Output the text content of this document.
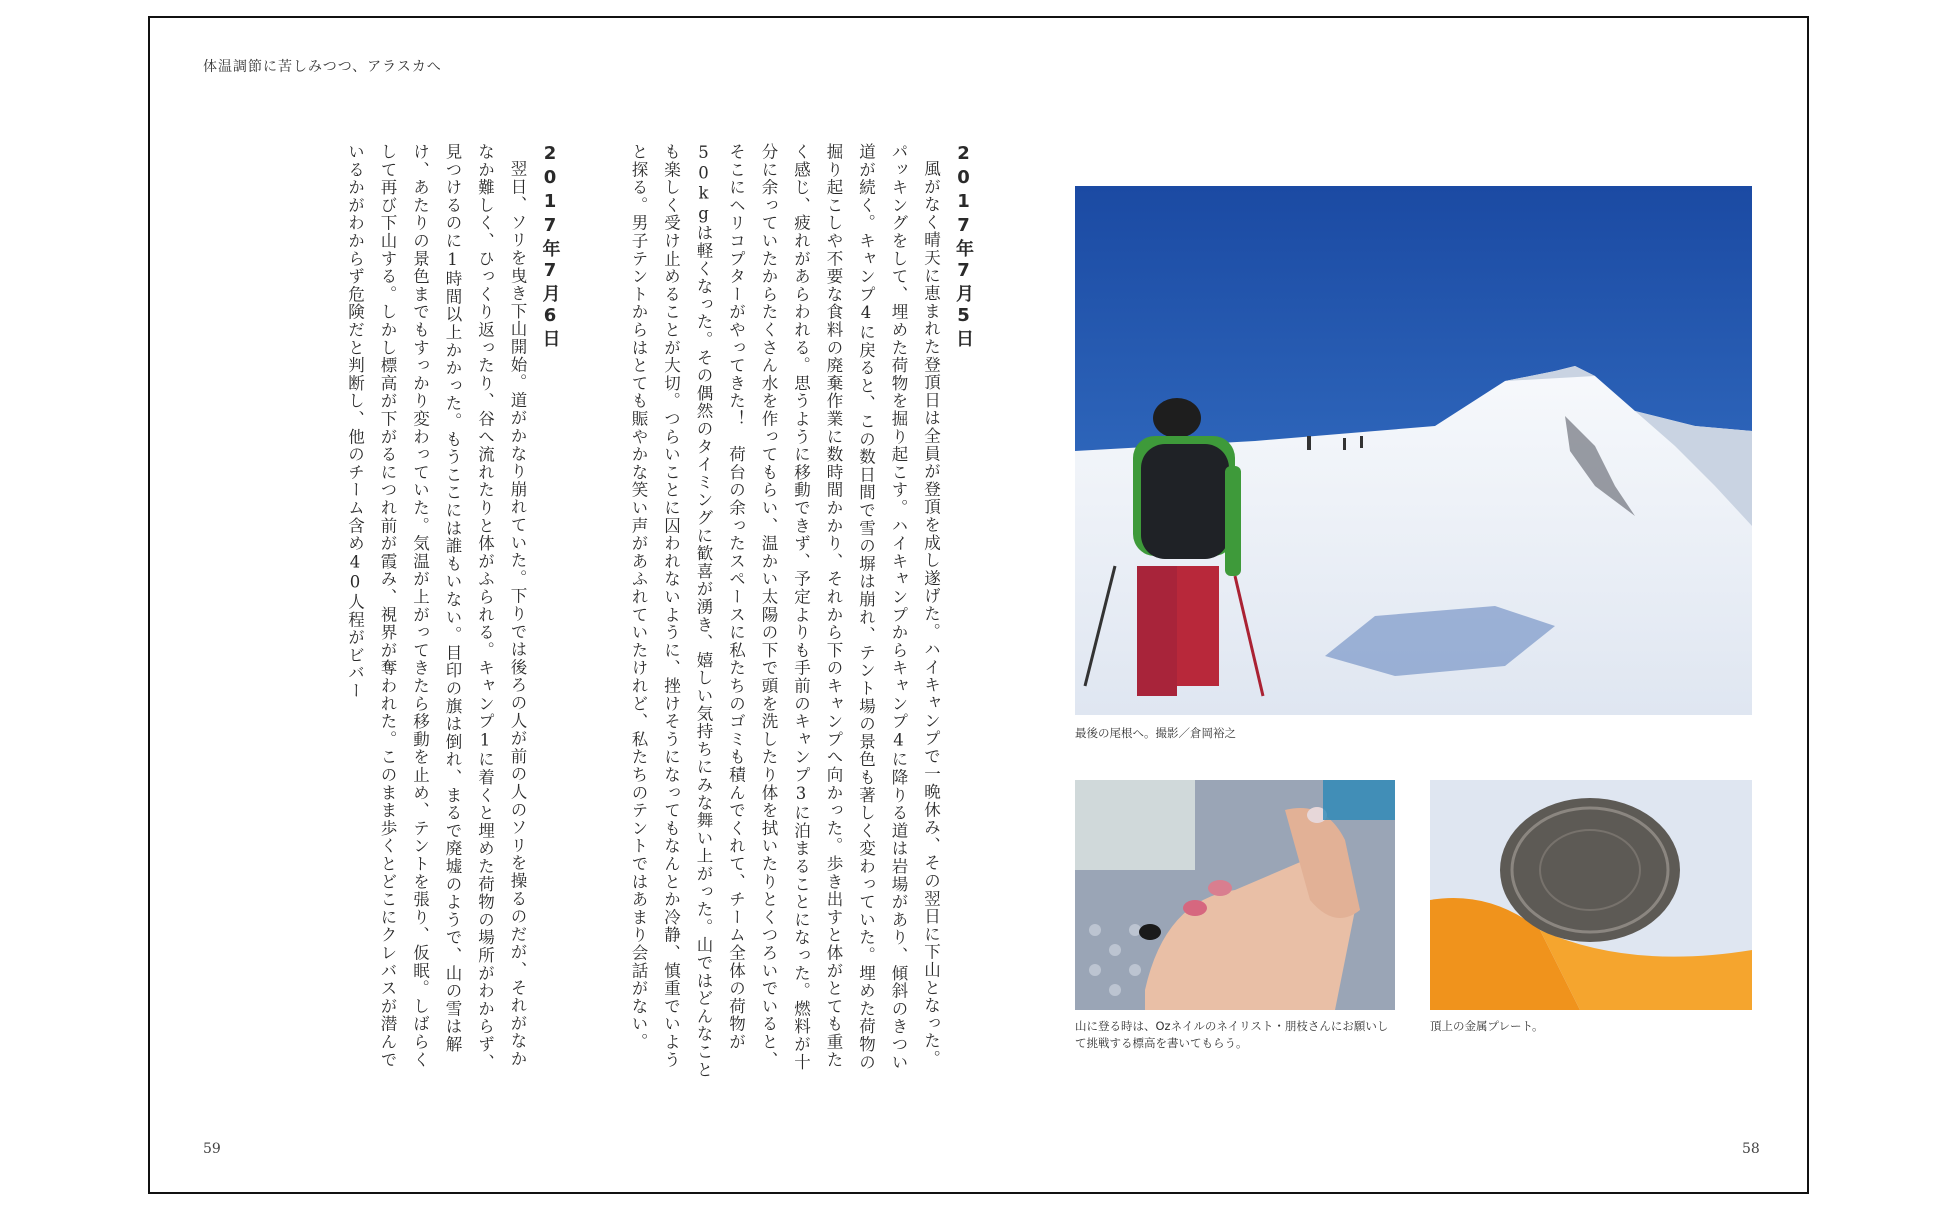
体温調節に苦しみつつ、アラスカへ

2017年7月5日
風がなく晴天に恵まれた登頂日は全員が登頂を成し遂げた。ハイキャンプで一晩休み、その翌日に下山となった。パッキングをして、埋めた荷物を掘り起こす。ハイキャンプからキャンプ4に降りる道は岩場があり、傾斜のきつい道が続く。キャンプ4に戻ると、この数日間で雪の塀は崩れ、テント場の景色も著しく変わっていた。埋めた荷物の掘り起こしや不要な食料の廃棄作業に数時間かかり、それから下のキャンプへ向かった。歩き出すと体がとても重たく感じ、疲れがあらわれる。思うように移動できず、予定よりも手前のキャンプ3に泊まることになった。燃料が十分に余っていたからたくさん水を作ってもらい、温かい太陽の下で頭を洗したり体を拭いたりとくつろいでいると、そこにヘリコプターがやってきた！　荷台の余ったスペースに私たちのゴミも積んでくれて、チーム全体の荷物が50kgは軽くなった。その偶然のタイミングに歓喜が湧き、嬉しい気持ちにみな舞い上がった。山ではどんなことも楽しく受け止めることが大切。つらいことに囚われないように、挫けそうになってもなんとか冷静、慎重でいようと探る。男子テントからはとても賑やかな笑い声があふれていたけれど、私たちのテントではあまり会話がない。

2017年7月6日
翌日、ソリを曳き下山開始。道がかなり崩れていた。下りでは後ろの人が前の人のソリを操るのだが、それがなかなか難しく、ひっくり返ったり、谷へ流れたりと体がふられる。キャンプ1に着くと埋めた荷物の場所がわからず、見つけるのに1時間以上かかった。もうここには誰もいない。目印の旗は倒れ、まるで廃墟のようで、山の雪は解け、あたりの景色までもすっかり変わっていた。気温が上がってきたら移動を止め、テントを張り、仮眠。しばらくして再び下山する。しかし標高が下がるにつれ前が霞み、視界が奪われた。このまま歩くとどこにクレバスが潜んでいるかがわからず危険だと判断し、他のチーム含め40人程がビバー

最後の尾根へ。撮影／倉岡裕之
山に登る時は、Ozネイルのネイリスト・朋枝さんにお願いして挑戦する標高を書いてもらう。
頂上の金属プレート。
59	58
